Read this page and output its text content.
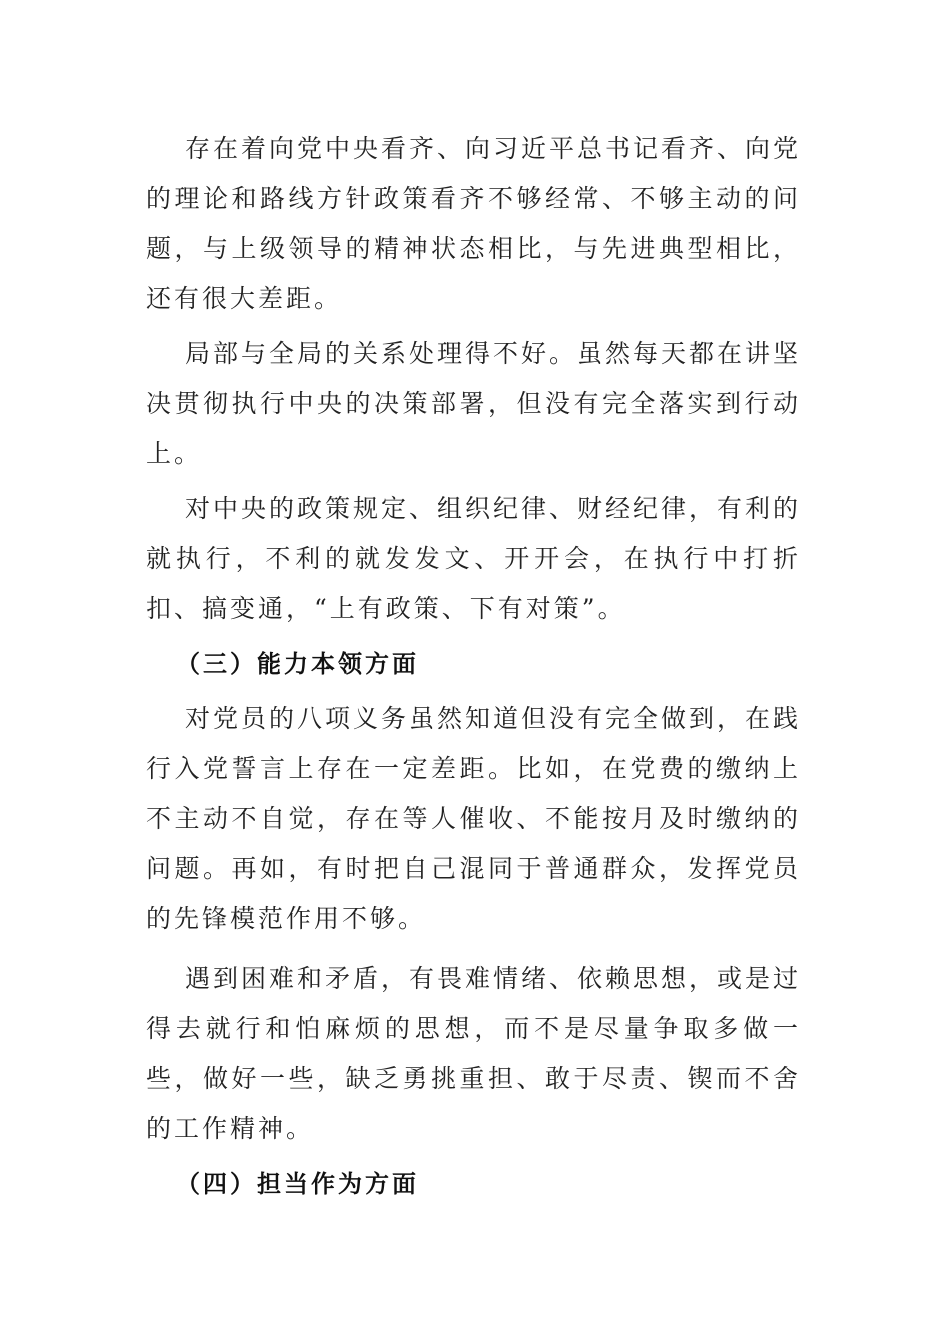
存在着向党中央看齐、向习近平总书记看齐、向党的理论和路线方针政策看齐不够经常、不够主动的问题，与上级领导的精神状态相比，与先进典型相比，还有很大差距。

局部与全局的关系处理得不好。虽然每天都在讲坚决贯彻执行中央的决策部署，但没有完全落实到行动上。

对中央的政策规定、组织纪律、财经纪律，有利的就执行，不利的就发发文、开开会，在执行中打折扣、搞变通，“上有政策、下有对策”。

（三）能力本领方面

对党员的八项义务虽然知道但没有完全做到，在践行入党誓言上存在一定差距。比如，在党费的缴纳上不主动不自觉，存在等人催收、不能按月及时缴纳的问题。再如，有时把自己混同于普通群众，发挥党员的先锋模范作用不够。

遇到困难和矛盾，有畏难情绪、依赖思想，或是过得去就行和怕麻烦的思想，而不是尽量争取多做一些，做好一些，缺乏勇挑重担、敢于尽责、锲而不舍的工作精神。

（四）担当作为方面
